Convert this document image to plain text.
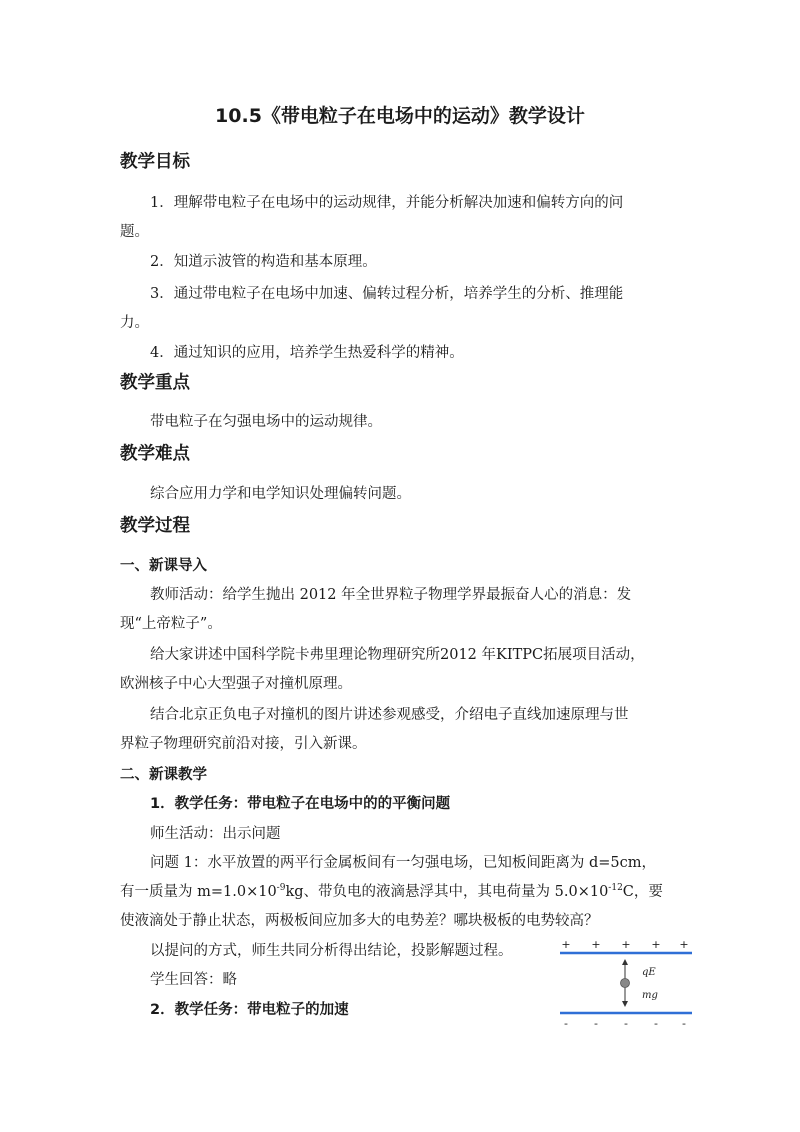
10.5《带电粒子在电场中的运动》教学设计
教学目标
1．理解带电粒子在电场中的运动规律，并能分析解决加速和偏转方向的问
题。
2．知道示波管的构造和基本原理。
3．通过带电粒子在电场中加速、偏转过程分析，培养学生的分析、推理能
力。
4．通过知识的应用，培养学生热爱科学的精神。
教学重点
带电粒子在匀强电场中的运动规律。
教学难点
综合应用力学和电学知识处理偏转问题。
教学过程
一、新课导入
教师活动：给学生抛出 2012 年全世界粒子物理学界最振奋人心的消息：发
现“上帝粒子”。
给大家讲述中国科学院卡弗里理论物理研究所2012 年KITPC拓展项目活动，
欧洲核子中心大型强子对撞机原理。
结合北京正负电子对撞机的图片讲述参观感受，介绍电子直线加速原理与世
界粒子物理研究前沿对接，引入新课。
二、新课教学
1．教学任务：带电粒子在电场中的的平衡问题
师生活动：出示问题
问题 1：水平放置的两平行金属板间有一匀强电场，已知板间距离为 d=5cm，
有一质量为 $m=1.0\times 10^{-9}kg$、带负电的液滴悬浮其中，其电荷量为 $5.0\times 10^{-12}C$，要
使液滴处于静止状态，两极板间应加多大的电势差？哪块极板的电势较高？
以提问的方式，师生共同分析得出结论，投影解题过程。
学生回答：略
2．教学任务：带电粒子的加速
+ + + + +
qE
mg
- - - - -
